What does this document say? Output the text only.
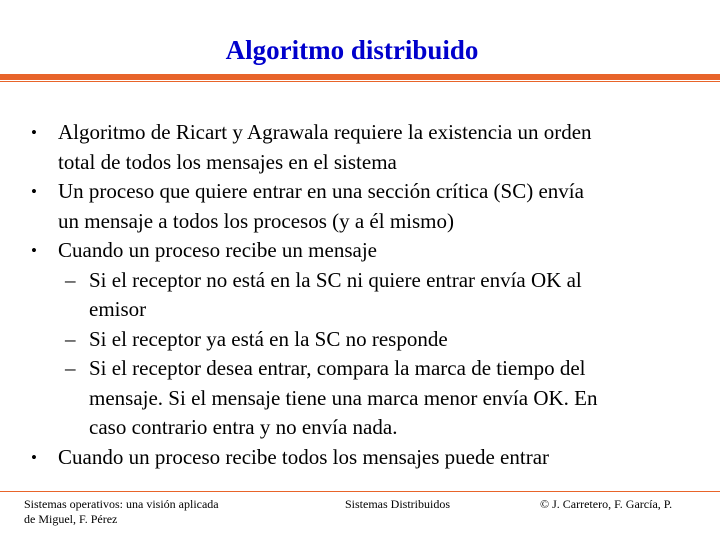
Algoritmo distribuido
• Algoritmo de Ricart y Agrawala requiere la existencia un orden
total de todos los mensajes en el sistema
• Un proceso que quiere entrar en una sección crítica (SC) envía
un mensaje a todos los procesos (y a él mismo)
• Cuando un proceso recibe un mensaje
– Si el receptor no está en la SC ni quiere entrar envía OK al
emisor
– Si el receptor ya está en la SC no responde
– Si el receptor desea entrar, compara la marca de tiempo del
mensaje. Si el mensaje tiene una marca menor envía OK. En
caso contrario entra y no envía nada.
• Cuando un proceso recibe todos los mensajes puede entrar
Sistemas operativos: una visión aplicada
de Miguel, F. Pérez
Sistemas Distribuidos	© J. Carretero, F. García, P.
